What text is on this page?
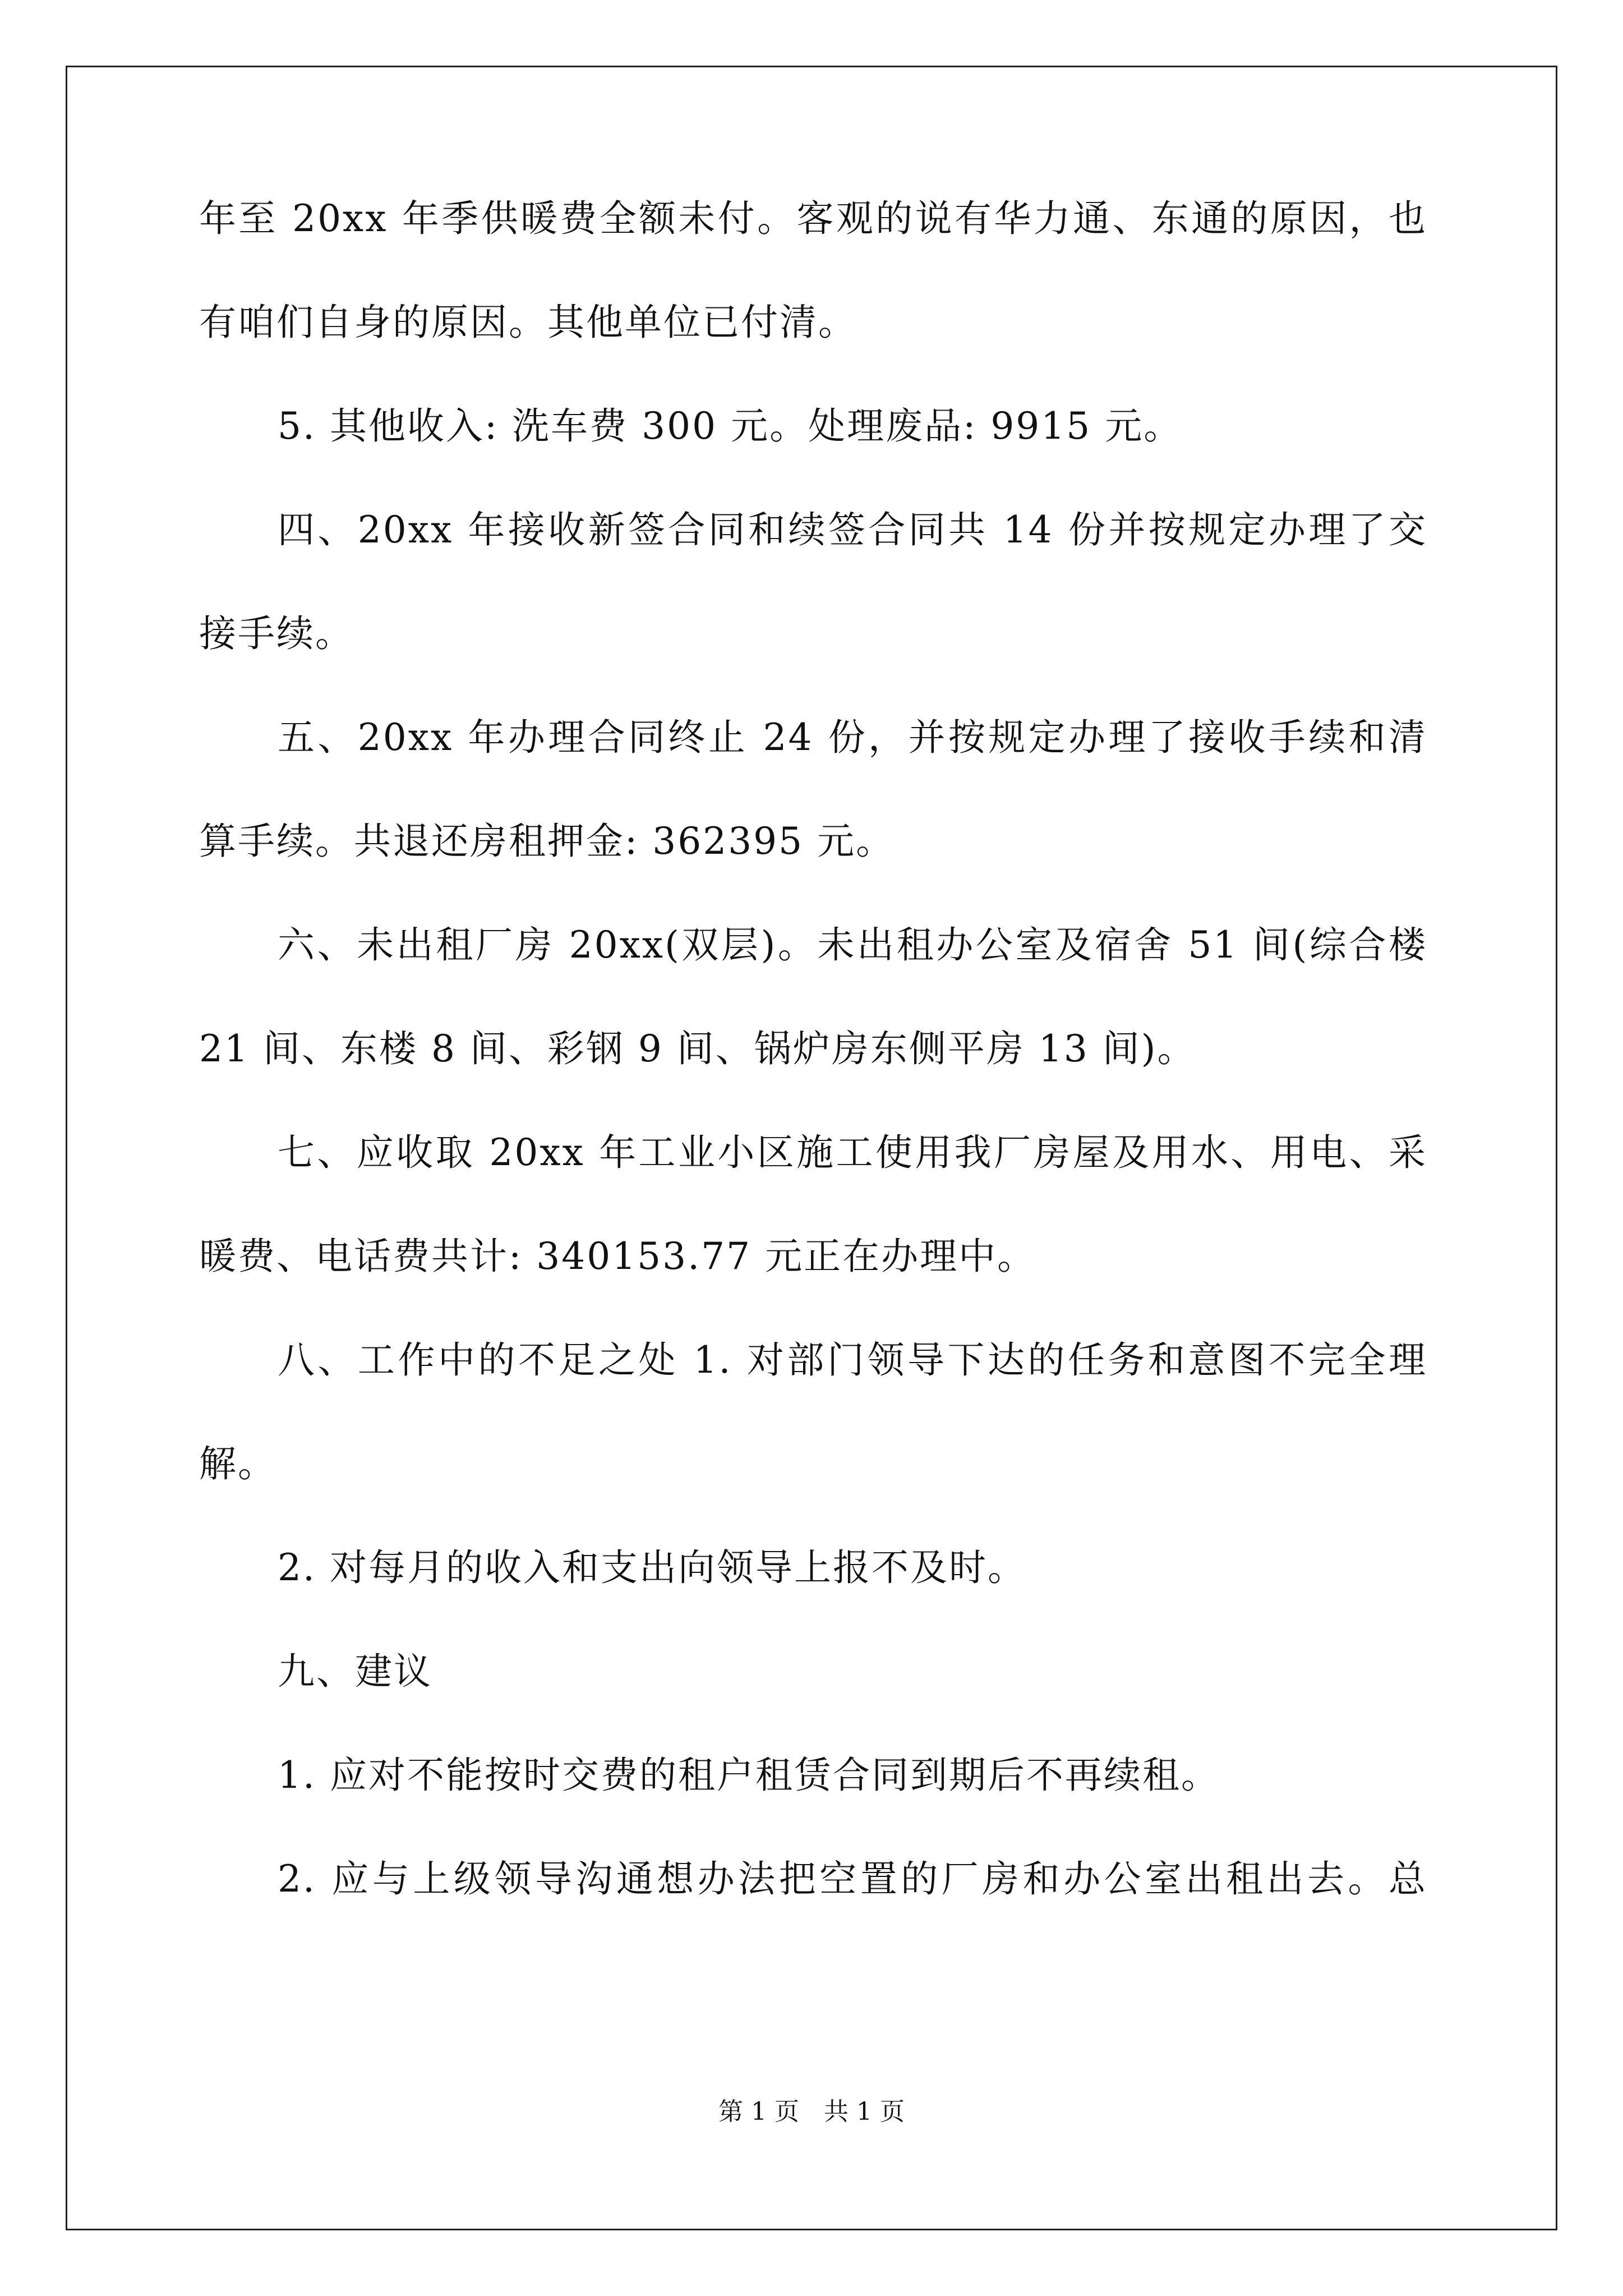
年至 20xx 年季供暖费全额未付。客观的说有华力通、东通的原因，也
有咱们自身的原因。其他单位已付清。
5. 其他收入: 洗车费 300 元。处理废品: 9915 元。
四、20xx 年接收新签合同和续签合同共 14 份并按规定办理了交
接手续。
五、20xx 年办理合同终止 24 份，并按规定办理了接收手续和清
算手续。共退还房租押金: 362395 元。
六、未出租厂房 20xx(双层)。未出租办公室及宿舍 51 间(综合楼
21 间、东楼 8 间、彩钢 9 间、锅炉房东侧平房 13 间)。
七、应收取 20xx 年工业小区施工使用我厂房屋及用水、用电、采
暖费、电话费共计: 340153.77 元正在办理中。
八、工作中的不足之处 1. 对部门领导下达的任务和意图不完全理
解。
2. 对每月的收入和支出向领导上报不及时。
九、建议
1. 应对不能按时交费的租户租赁合同到期后不再续租。
2. 应与上级领导沟通想办法把空置的厂房和办公室出租出去。总
第 1 页　共 1 页
